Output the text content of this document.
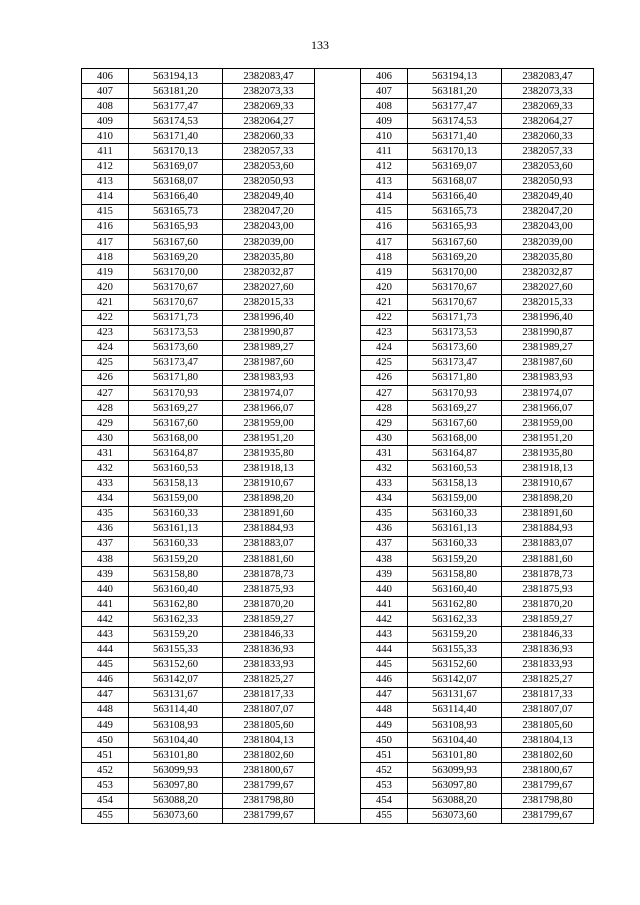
133
406	563194,13	2382083,47		406	563194,13	2382083,47
407	563181,20	2382073,33		407	563181,20	2382073,33
408	563177,47	2382069,33		408	563177,47	2382069,33
409	563174,53	2382064,27		409	563174,53	2382064,27
410	563171,40	2382060,33		410	563171,40	2382060,33
411	563170,13	2382057,33		411	563170,13	2382057,33
412	563169,07	2382053,60		412	563169,07	2382053,60
413	563168,07	2382050,93		413	563168,07	2382050,93
414	563166,40	2382049,40		414	563166,40	2382049,40
415	563165,73	2382047,20		415	563165,73	2382047,20
416	563165,93	2382043,00		416	563165,93	2382043,00
417	563167,60	2382039,00		417	563167,60	2382039,00
418	563169,20	2382035,80		418	563169,20	2382035,80
419	563170,00	2382032,87		419	563170,00	2382032,87
420	563170,67	2382027,60		420	563170,67	2382027,60
421	563170,67	2382015,33		421	563170,67	2382015,33
422	563171,73	2381996,40		422	563171,73	2381996,40
423	563173,53	2381990,87		423	563173,53	2381990,87
424	563173,60	2381989,27		424	563173,60	2381989,27
425	563173,47	2381987,60		425	563173,47	2381987,60
426	563171,80	2381983,93		426	563171,80	2381983,93
427	563170,93	2381974,07		427	563170,93	2381974,07
428	563169,27	2381966,07		428	563169,27	2381966,07
429	563167,60	2381959,00		429	563167,60	2381959,00
430	563168,00	2381951,20		430	563168,00	2381951,20
431	563164,87	2381935,80		431	563164,87	2381935,80
432	563160,53	2381918,13		432	563160,53	2381918,13
433	563158,13	2381910,67		433	563158,13	2381910,67
434	563159,00	2381898,20		434	563159,00	2381898,20
435	563160,33	2381891,60		435	563160,33	2381891,60
436	563161,13	2381884,93		436	563161,13	2381884,93
437	563160,33	2381883,07		437	563160,33	2381883,07
438	563159,20	2381881,60		438	563159,20	2381881,60
439	563158,80	2381878,73		439	563158,80	2381878,73
440	563160,40	2381875,93		440	563160,40	2381875,93
441	563162,80	2381870,20		441	563162,80	2381870,20
442	563162,33	2381859,27		442	563162,33	2381859,27
443	563159,20	2381846,33		443	563159,20	2381846,33
444	563155,33	2381836,93		444	563155,33	2381836,93
445	563152,60	2381833,93		445	563152,60	2381833,93
446	563142,07	2381825,27		446	563142,07	2381825,27
447	563131,67	2381817,33		447	563131,67	2381817,33
448	563114,40	2381807,07		448	563114,40	2381807,07
449	563108,93	2381805,60		449	563108,93	2381805,60
450	563104,40	2381804,13		450	563104,40	2381804,13
451	563101,80	2381802,60		451	563101,80	2381802,60
452	563099,93	2381800,67		452	563099,93	2381800,67
453	563097,80	2381799,67		453	563097,80	2381799,67
454	563088,20	2381798,80		454	563088,20	2381798,80
455	563073,60	2381799,67		455	563073,60	2381799,67
